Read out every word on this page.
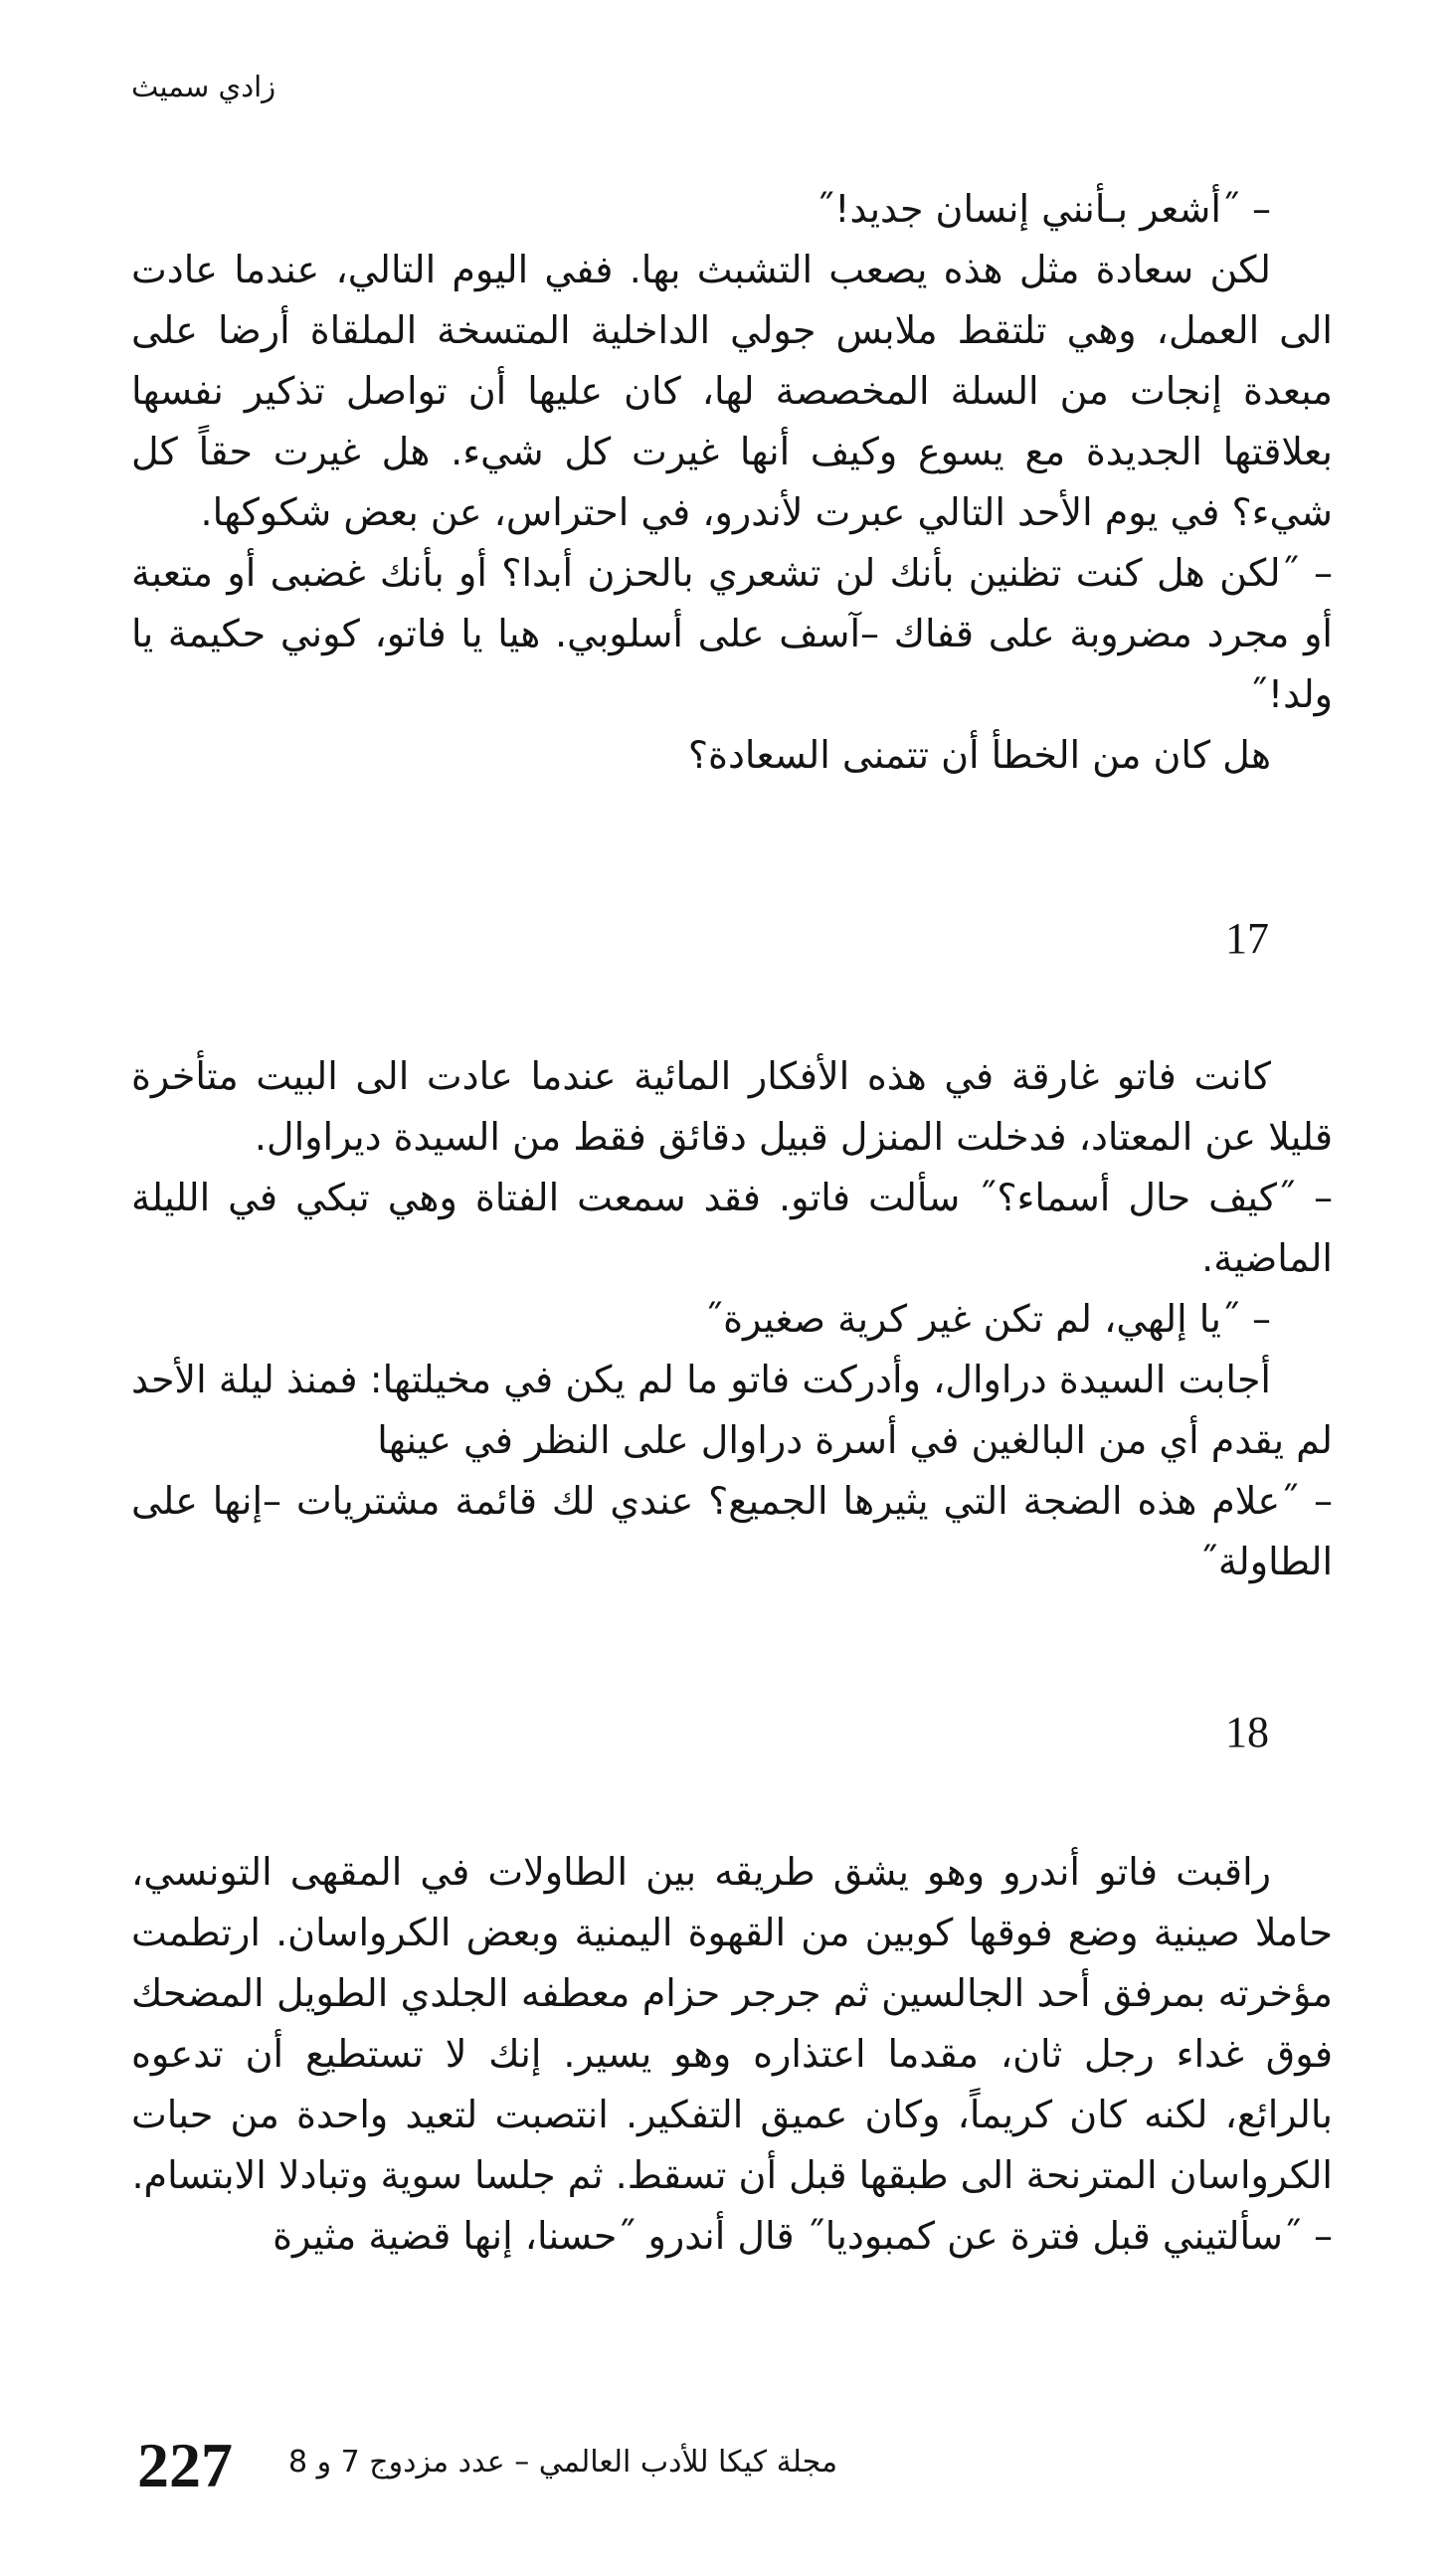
زادي سميث

– ˝أشعر بـأنني إنسان جديد!˝

لكن سعادة مثل هذه يصعب التشبث بها. ففي اليوم التالي، عندما عادت الى العمل، وهي تلتقط ملابس جولي الداخلية المتسخة الملقاة أرضا على مبعدة إنجات من السلة المخصصة لها، كان عليها أن تواصل تذكير نفسها بعلاقتها الجديدة مع يسوع وكيف أنها غيرت كل شيء. هل غيرت حقاً كل شيء؟ في يوم الأحد التالي عبرت لأندرو، في احتراس، عن بعض شكوكها.

– ˝لكن هل كنت تظنين بأنك لن تشعري بالحزن أبدا؟ أو بأنك غضبى أو متعبة أو مجرد مضروبة على قفاك –آسف على أسلوبي. هيا يا فاتو، كوني حكيمة يا ولد!˝

هل كان من الخطأ أن تتمنى السعادة؟

17

كانت فاتو غارقة في هذه الأفكار المائية عندما عادت الى البيت متأخرة قليلا عن المعتاد، فدخلت المنزل قبيل دقائق فقط من السيدة ديراوال.

– ˝كيف حال أسماء؟˝ سألت فاتو. فقد سمعت الفتاة وهي تبكي في الليلة الماضية.

– ˝يا إلهي، لم تكن غير كرية صغيرة˝

أجابت السيدة دراوال، وأدركت فاتو ما لم يكن في مخيلتها: فمنذ ليلة الأحد لم يقدم أي من البالغين في أسرة دراوال على النظر في عينها

– ˝علام هذه الضجة التي يثيرها الجميع؟ عندي لك قائمة مشتريات –إنها على الطاولة˝

18

راقبت فاتو أندرو وهو يشق طريقه بين الطاولات في المقهى التونسي، حاملا صينية وضع فوقها كوبين من القهوة اليمنية وبعض الكرواسان. ارتطمت مؤخرته بمرفق أحد الجالسين ثم جرجر حزام معطفه الجلدي الطويل المضحك فوق غداء رجل ثان، مقدما اعتذاره وهو يسير. إنك لا تستطيع أن تدعوه بالرائع، لكنه كان كريماً، وكان عميق التفكير. انتصبت لتعيد واحدة من حبات الكرواسان المترنحة الى طبقها قبل أن تسقط. ثم جلسا سوية وتبادلا الابتسام.

– ˝سألتيني قبل فترة عن كمبوديا˝ قال أندرو ˝حسنا، إنها قضية مثيرة

227 مجلة كيكا للأدب العالمي – عدد مزدوج 7 و 8
